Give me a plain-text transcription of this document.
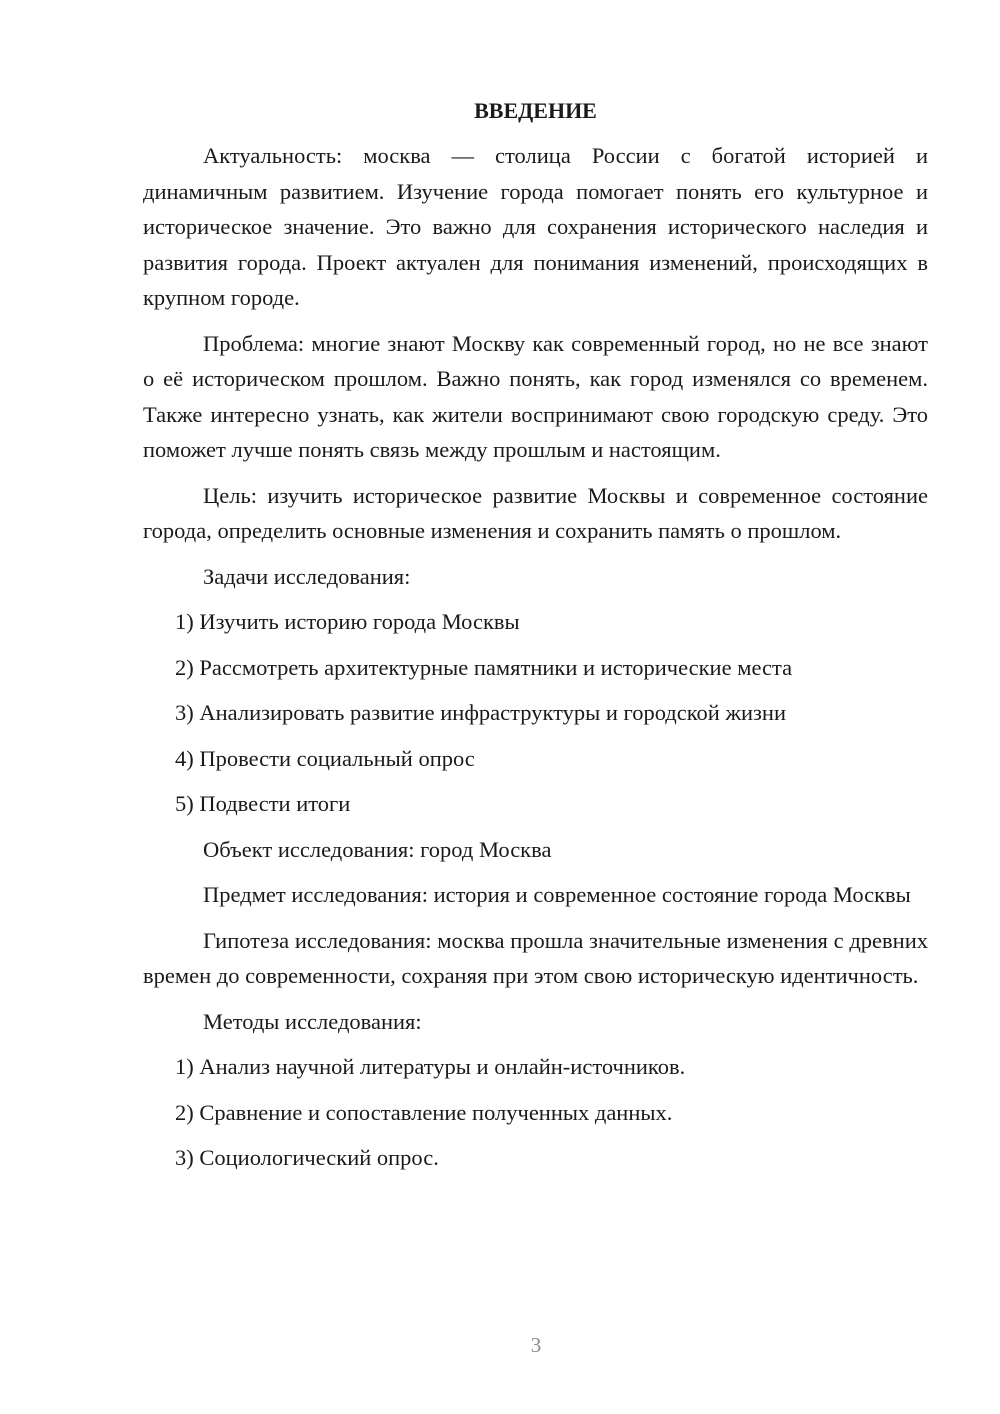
ВВЕДЕНИЕ

Актуальность: москва — столица России с богатой историей и динамичным развитием. Изучение города помогает понять его культурное и историческое значение. Это важно для сохранения исторического наследия и развития города. Проект актуален для понимания изменений, происходящих в крупном городе.

Проблема: многие знают Москву как современный город, но не все знают о её историческом прошлом. Важно понять, как город изменялся со временем. Также интересно узнать, как жители воспринимают свою городскую среду. Это поможет лучше понять связь между прошлым и настоящим.

Цель: изучить историческое развитие Москвы и современное состояние города, определить основные изменения и сохранить память о прошлом.

Задачи исследования:

1) Изучить историю города Москвы

2) Рассмотреть архитектурные памятники и исторические места

3) Анализировать развитие инфраструктуры и городской жизни

4) Провести социальный опрос

5) Подвести итоги

Объект исследования: город Москва

Предмет исследования: история и современное состояние города Москвы

Гипотеза исследования: москва прошла значительные изменения с древних времен до современности, сохраняя при этом свою историческую идентичность.

Методы исследования:

1) Анализ научной литературы и онлайн-источников.

2) Сравнение и сопоставление полученных данных.

3) Социологический опрос.

3
